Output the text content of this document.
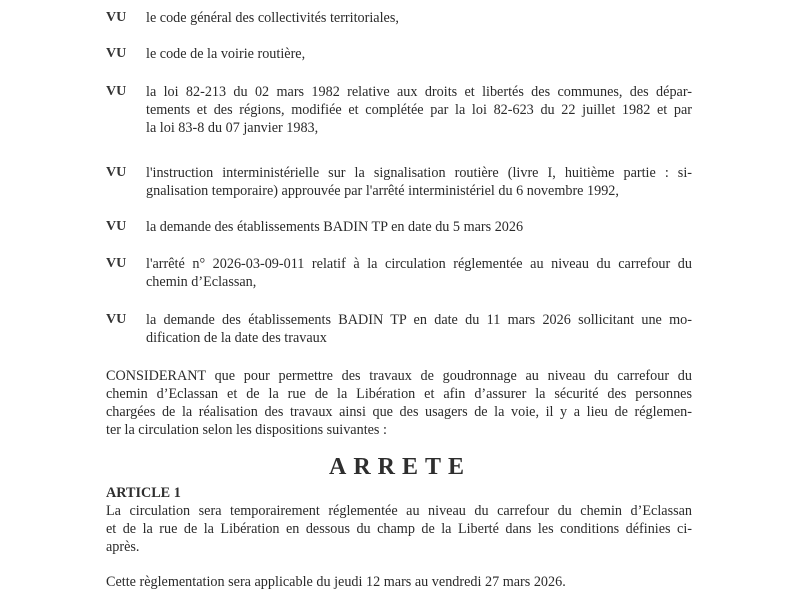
VU le code général des collectivités territoriales,
VU le code de la voirie routière,
VU la loi 82-213 du 02 mars 1982 relative aux droits et libertés des communes, des dépar-
tements et des régions, modifiée et complétée par la loi 82-623 du 22 juillet 1982 et par
la loi 83-8 du 07 janvier 1983,
VU l'instruction interministérielle sur la signalisation routière (livre I, huitième partie : si-
gnalisation temporaire) approuvée par l'arrêté interministériel du 6 novembre 1992,
VU la demande des établissements BADIN TP en date du 5 mars 2026
VU l'arrêté n° 2026-03-09-011 relatif à la circulation réglementée au niveau du carrefour du
chemin d’Eclassan,
VU la demande des établissements BADIN TP en date du 11 mars 2026 sollicitant une mo-
dification de la date des travaux
CONSIDERANT que pour permettre des travaux de goudronnage au niveau du carrefour du
chemin d’Eclassan et de la rue de la Libération et afin d’assurer la sécurité des personnes
chargées de la réalisation des travaux ainsi que des usagers de la voie, il y a lieu de réglemen-
ter la circulation selon les dispositions suivantes :
ARRETE
ARTICLE 1
La circulation sera temporairement réglementée au niveau du carrefour du chemin d’Eclassan
et de la rue de la Libération en dessous du champ de la Liberté dans les conditions définies ci-
après.
Cette règlementation sera applicable du jeudi 12 mars au vendredi 27 mars 2026.
